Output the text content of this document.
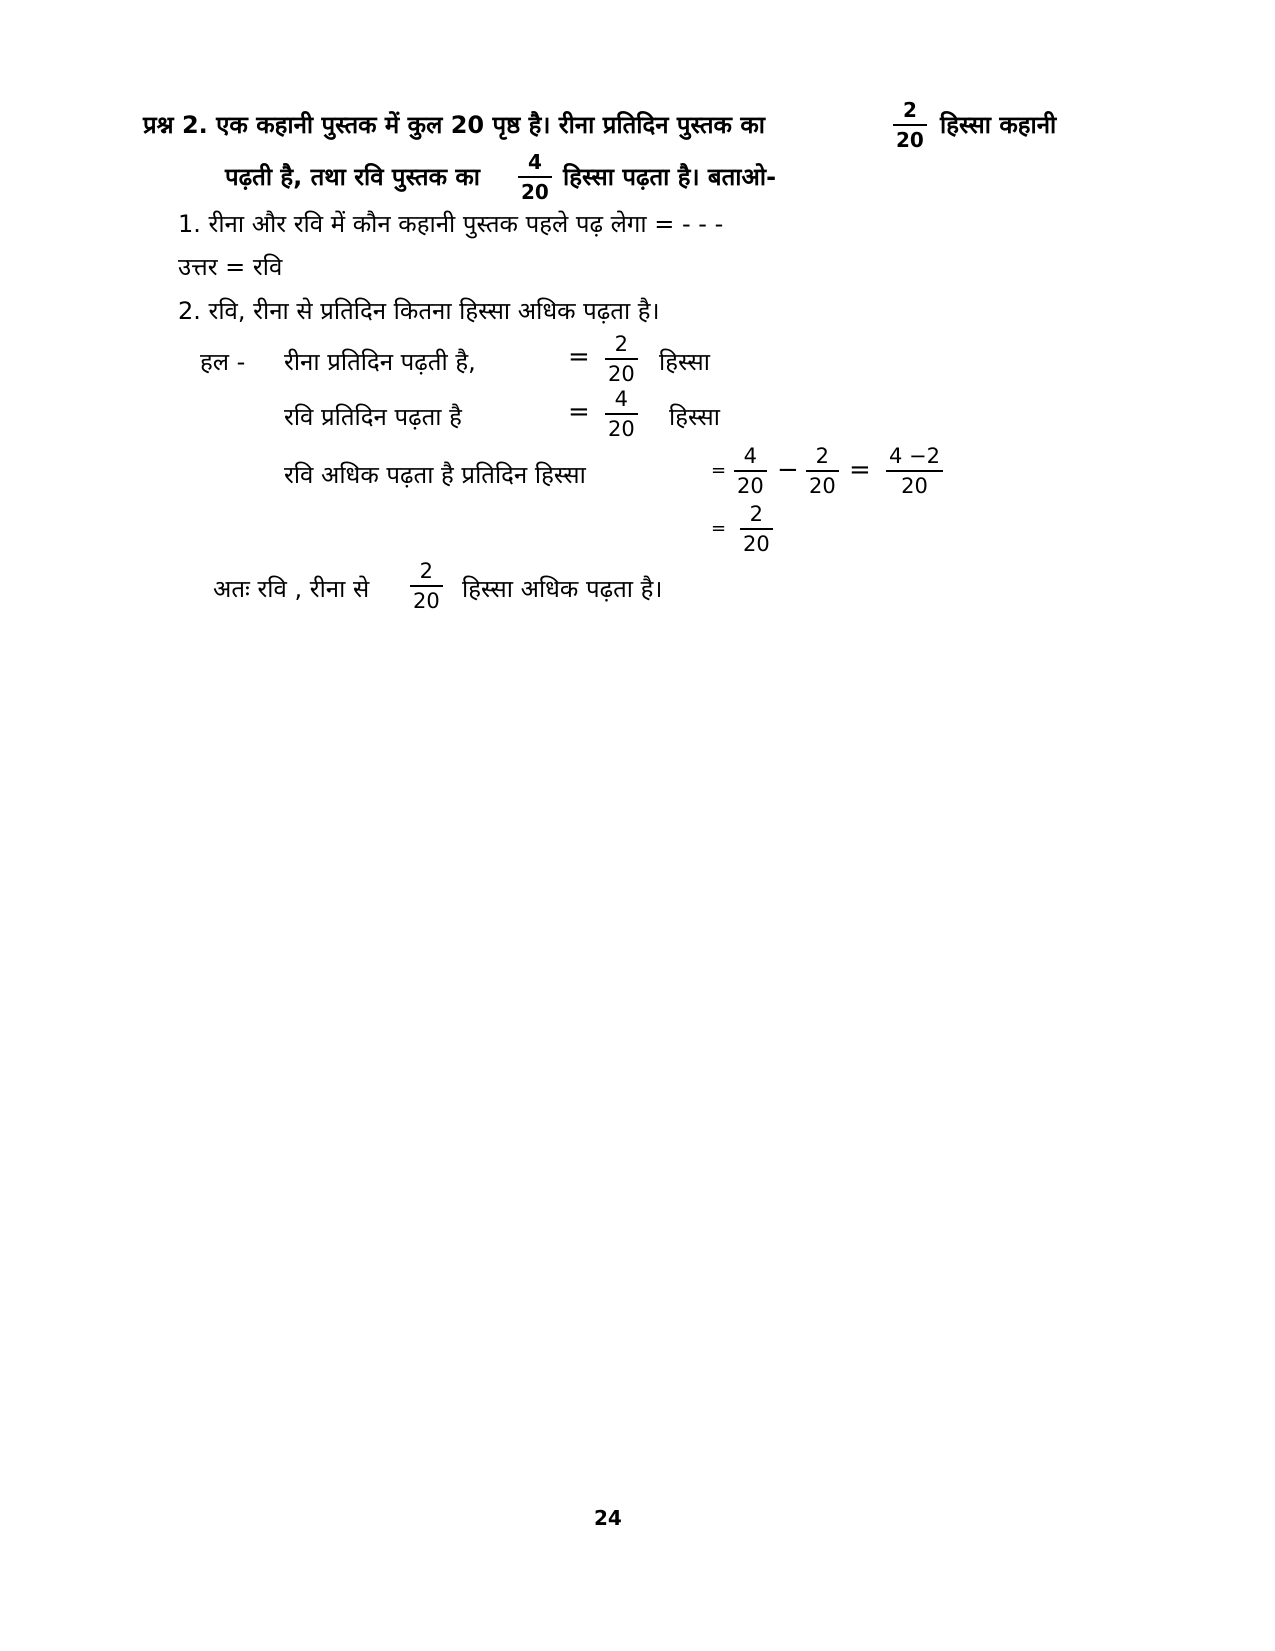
प्रश्न 2. एक कहानी पुस्तक में कुल 20 पृष्ठ है। रीना प्रतिदिन पुस्तक का
2
20
हिस्सा कहानी
पढ़ती है, तथा रवि पुस्तक का
4
20
हिस्सा पढ़ता है। बताओ-
1. रीना और रवि में कौन कहानी पुस्तक पहले पढ़ लेगा = - - -
उत्तर = रवि
2. रवि, रीना से प्रतिदिन कितना हिस्सा अधिक पढ़ता है।
हल - रीना प्रतिदिन पढ़ती है,	= 2
20 हिस्सा
रवि प्रतिदिन पढ़ता है	= 4
20 हिस्सा
रवि अधिक पढ़ता है प्रतिदिन हिस्सा	=
4
20
− 2
20
= 4 −2
20
=
2
20
अतः रवि , रीना से
2
20 हिस्सा अधिक पढ़ता है।
24
